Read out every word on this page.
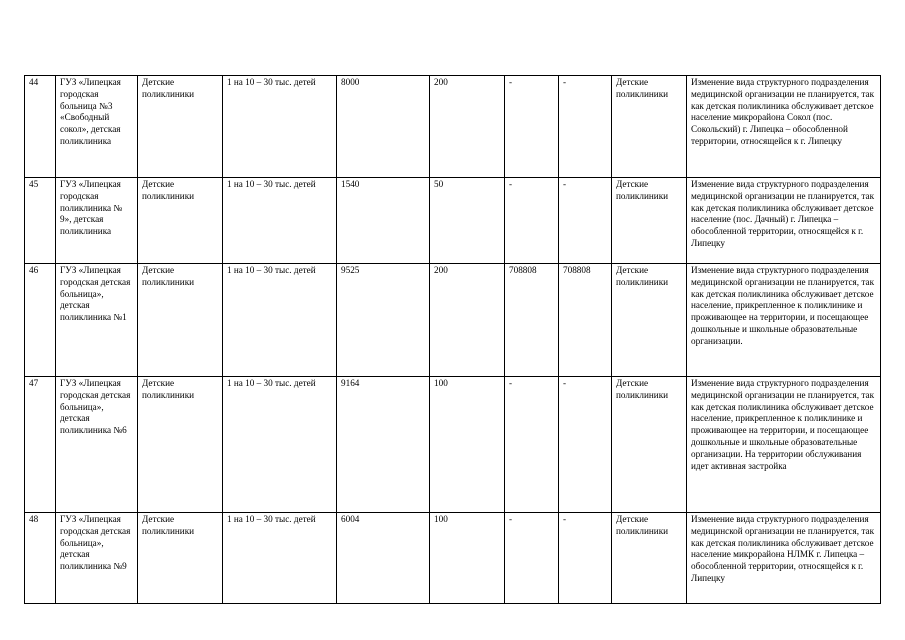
44	ГУЗ «Липецкая городская больница №3 «Свободный сокол», детская поликлиника	Детские поликлиники	1 на 10 – 30 тыс. детей	8000	200	-	-	Детские поликлиники	Изменение вида структурного подразделения медицинской организации не планируется, так как детская поликлиника обслуживает детское население микрорайона Сокол (пос. Сокольский) г. Липецка – обособленной территории, относящейся к г. Липецку
45	ГУЗ «Липецкая городская поликлиника № 9», детская поликлиника	Детские поликлиники	1 на 10 – 30 тыс. детей	1540	50	-	-	Детские поликлиники	Изменение вида структурного подразделения медицинской организации не планируется, так как детская поликлиника обслуживает детское население (пос. Дачный) г. Липецка – обособленной территории, относящейся к г. Липецку
46	ГУЗ «Липецкая городская детская больница», детская поликлиника №1	Детские поликлиники	1 на 10 – 30 тыс. детей	9525	200	708808	708808	Детские поликлиники	Изменение вида структурного подразделения медицинской организации не планируется, так как детская поликлиника обслуживает детское население, прикрепленное к поликлинике и проживающее на территории, и посещающее дошкольные и школьные образовательные организации.
47	ГУЗ «Липецкая городская детская больница», детская поликлиника №6	Детские поликлиники	1 на 10 – 30 тыс. детей	9164	100	-	-	Детские поликлиники	Изменение вида структурного подразделения медицинской организации не планируется, так как детская поликлиника обслуживает детское население, прикрепленное к поликлинике и проживающее на территории, и посещающее дошкольные и школьные образовательные организации. На территории обслуживания идет активная застройка
48	ГУЗ «Липецкая городская детская больница», детская поликлиника №9	Детские поликлиники	1 на 10 – 30 тыс. детей	6004	100	-	-	Детские поликлиники	Изменение вида структурного подразделения медицинской организации не планируется, так как детская поликлиника обслуживает детское население микрорайона НЛМК г. Липецка – обособленной территории, относящейся к г. Липецку
